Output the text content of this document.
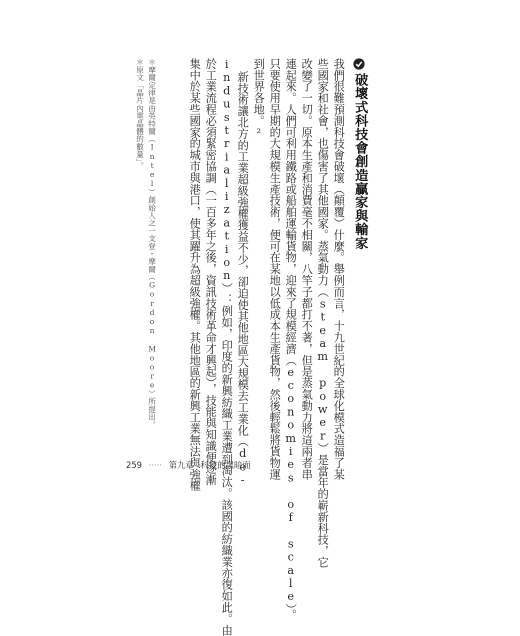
破壞式科技會創造贏家與輸家
我們很難預測科技會破壞（顛覆）什麼。舉例而言，十九世紀的全球化模式造福了某
些國家和社會，也傷害了其他國家。蒸氣動力（steam power）是當年的嶄新科技，它
改變了一切。原本生產和消費毫不相關，八竿子都打不著，但是蒸氣動力將這兩者串
連起來。人們可利用鐵路或船舶運輸貨物，迎來了規模經濟（economies of scale）。
只要使用早期的大規模生產技術，便可在某地以低成本生產貨物，然後輕鬆將貨物運
到世界各地。²
新技術讓北方的工業超級強權獲益不少，卻迫使其他地區大規模去工業化（de-
industrialization）：例如，印度的新興紡織工業遭到淘汰。該國的紡織業亦復如此。由
於工業流程必須緊密協調（一百多年之後，資訊技術革命才興起），技能與知識便逐漸
集中於某些國家的城市與港口，使其躍升為超級強權。其他地區的新興工業無法與強權
＊摩爾定律是由英特爾（Intel）創始人之一支登・摩爾（Gordon Moore）所提出。
＊原文「晶片內電晶體的數量」。
259 ····· 第九章 科技的黑暗面
